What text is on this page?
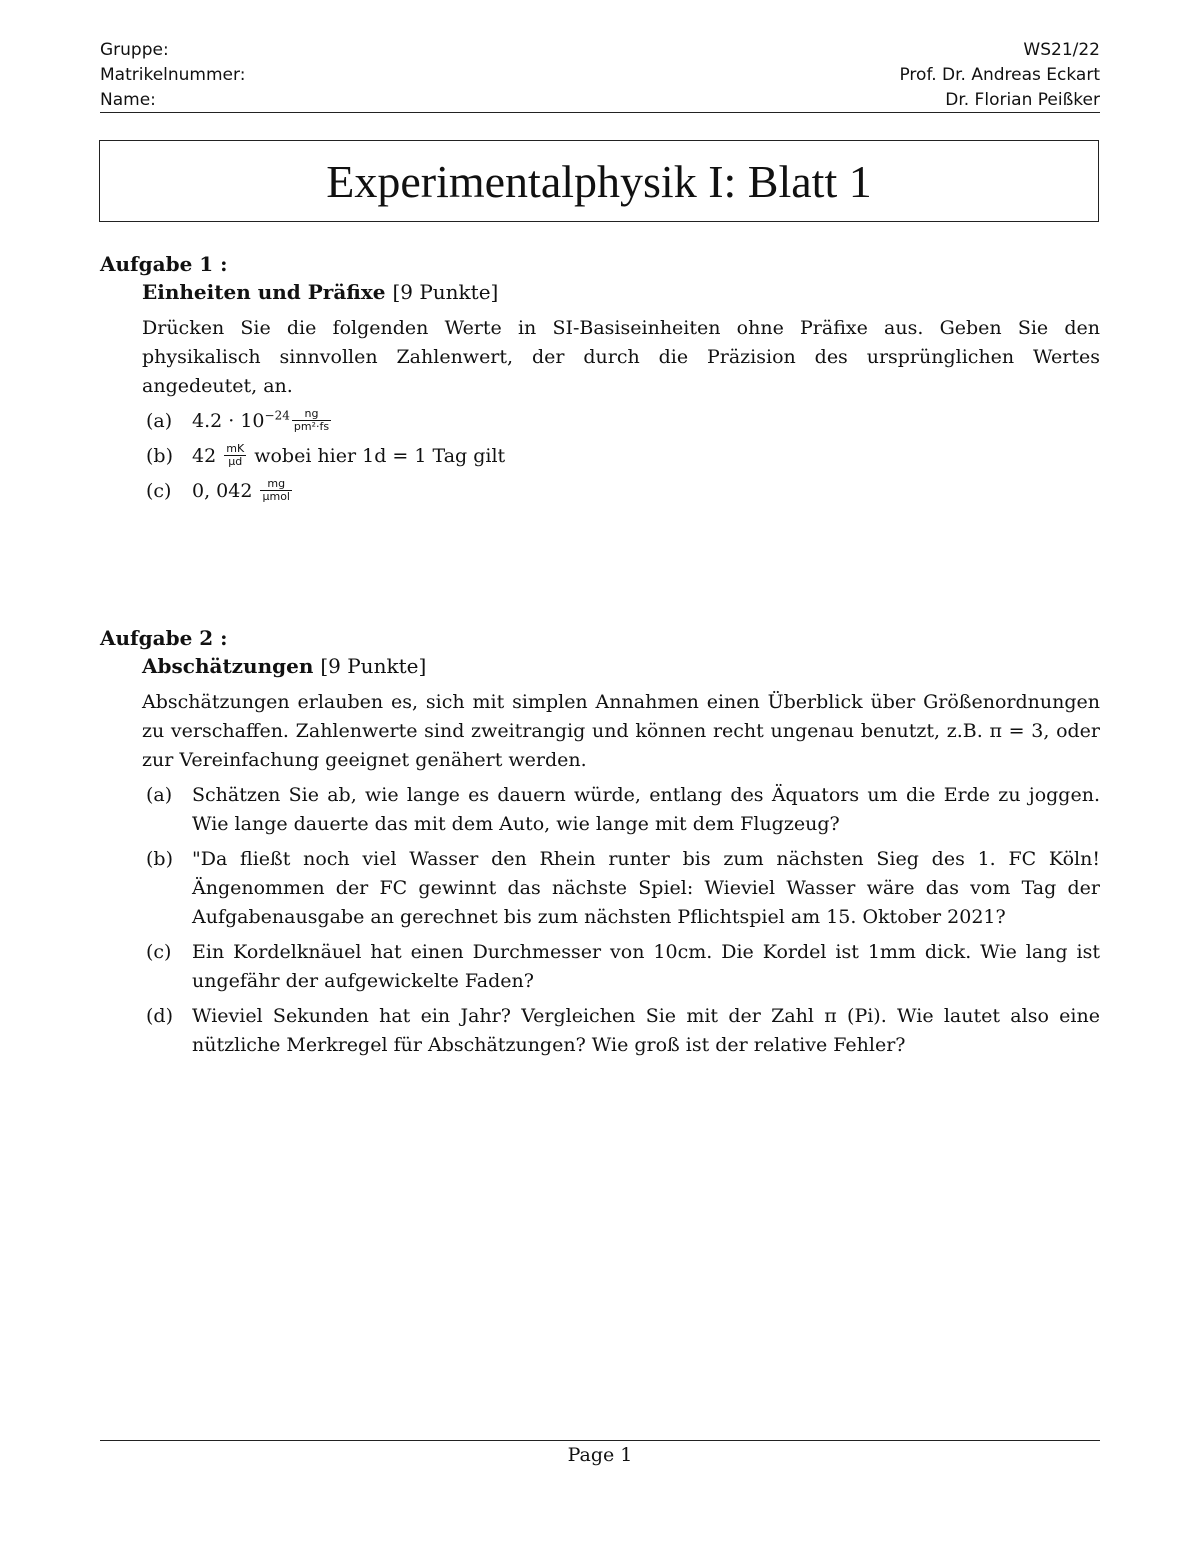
Gruppe:	WS21/22
Matrikelnummer:	Prof. Dr. Andreas Eckart
Name:	Dr. Florian Peißker
Experimentalphysik I: Blatt 1
Aufgabe 1 :
Einheiten und Präfixe [9 Punkte]
Drücken Sie die folgenden Werte in SI-Basiseinheiten ohne Präfixe aus. Geben Sie den physikalisch sinnvollen Zahlenwert, der durch die Präzision des ursprünglichen Wertes angedeutet, an.
(a)	$4.2 \cdot 10^{-24} \frac{ng}{\text{pm²·fs}}$
(b)	$42 \frac{mK}{\mu d}$ wobei hier 1d = 1 Tag gilt
(c)	0, $042 \frac{mg}{\text{μmol}}$
Aufgabe 2 :
Abschätzungen [9 Punkte]
Abschätzungen erlauben es, sich mit simplen Annahmen einen Überblick über Größenordnungen zu verschaffen. Zahlenwerte sind zweitrangig und können recht ungenau benutzt, z.B. π = 3, oder zur Vereinfachung geeignet genähert werden.
(a)	Schätzen Sie ab, wie lange es dauern würde, entlang des Äquators um die Erde zu joggen. Wie lange dauerte das mit dem Auto, wie lange mit dem Flugzeug?
(b)	"Da fließt noch viel Wasser den Rhein runter bis zum nächsten Sieg des 1. FC Köln!Ängenommen der FC gewinnt das nächste Spiel: Wieviel Wasser wäre das vom Tag der Aufgabenausgabe an gerechnet bis zum nächsten Pflichtspiel am 15. Oktober 2021?
(c)	Ein Kordelknäuel hat einen Durchmesser von 10cm. Die Kordel ist 1mm dick. Wie lang ist ungefähr der aufgewickelte Faden?
(d)	Wieviel Sekunden hat ein Jahr? Vergleichen Sie mit der Zahl π (Pi). Wie lautet also eine nützliche Merkregel für Abschätzungen? Wie groß ist der relative Fehler?
Page 1
